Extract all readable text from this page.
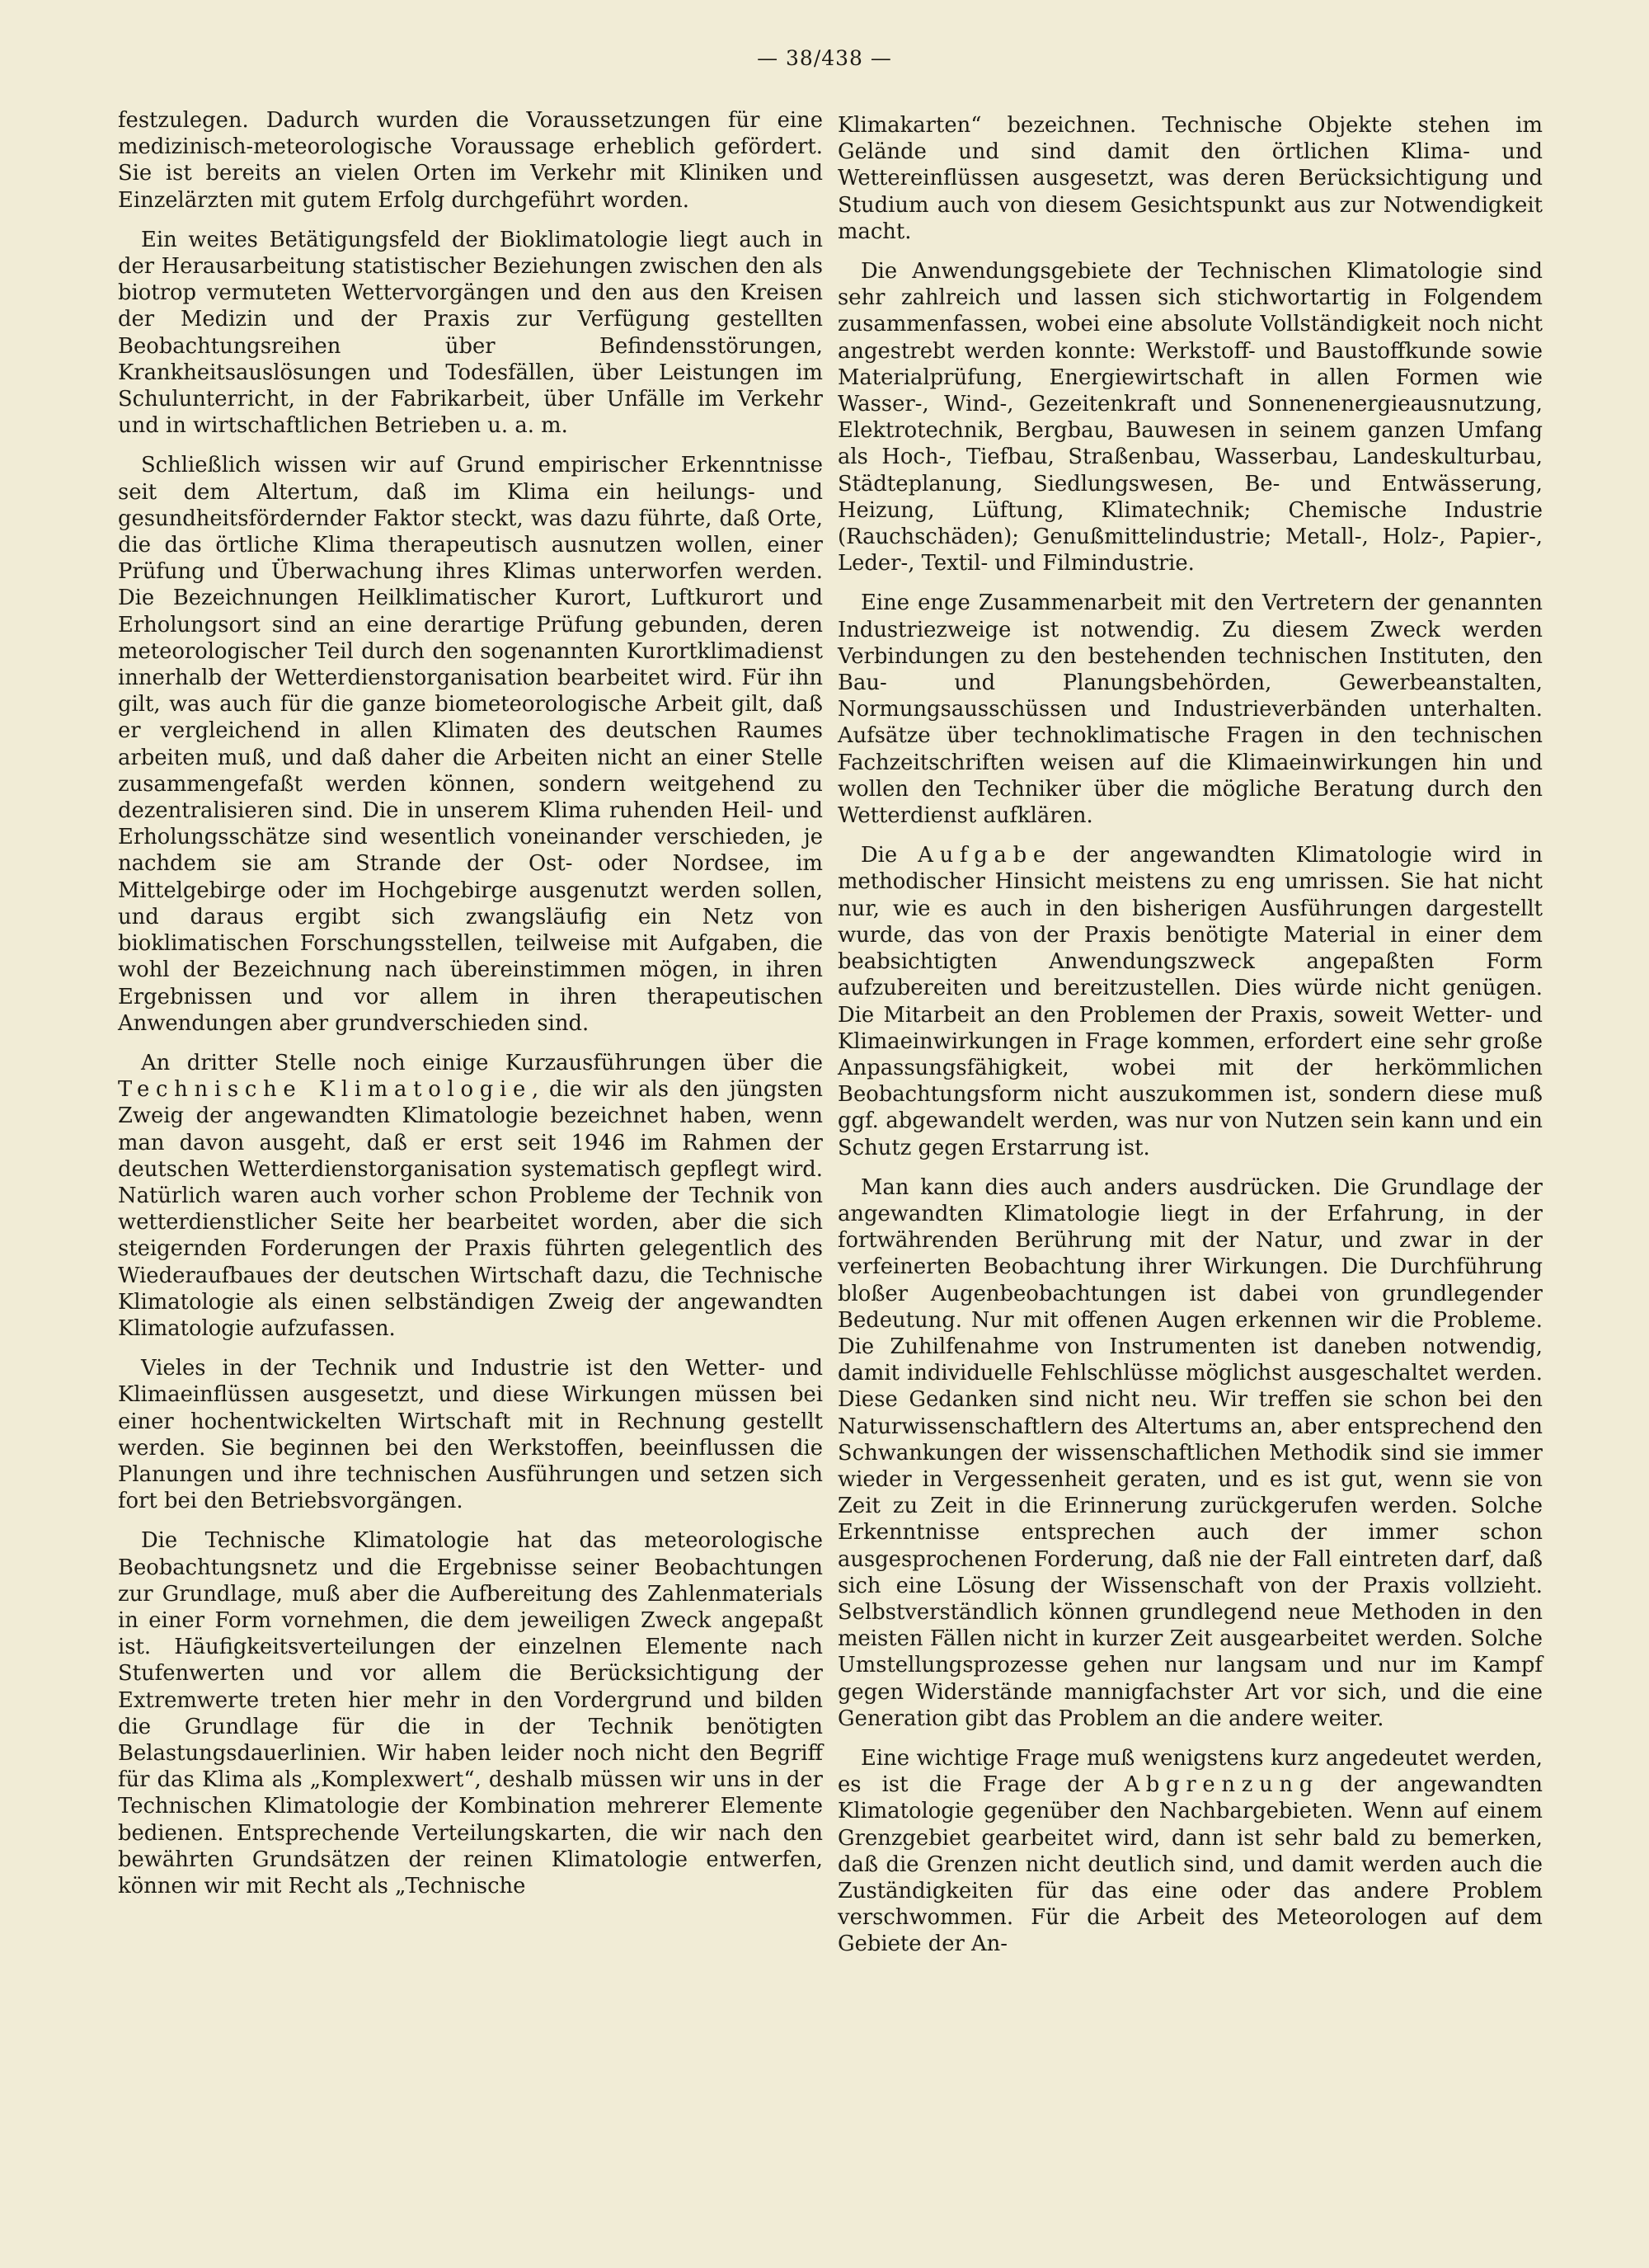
— 38/438 —

festzulegen. Dadurch wurden die Voraussetzungen für eine medizinisch-meteorologische Voraussage erheblich gefördert. Sie ist bereits an vielen Orten im Verkehr mit Kliniken und Einzelärzten mit gutem Erfolg durchgeführt worden.

Ein weites Betätigungsfeld der Bioklimatologie liegt auch in der Herausarbeitung statistischer Beziehungen zwischen den als biotrop vermuteten Wettervorgängen und den aus den Kreisen der Medizin und der Praxis zur Verfügung gestellten Beobachtungsreihen über Befindensstörungen, Krankheitsauslösungen und Todesfällen, über Leistungen im Schulunterricht, in der Fabrikarbeit, über Unfälle im Verkehr und in wirtschaftlichen Betrieben u. a. m.

Schließlich wissen wir auf Grund empirischer Erkenntnisse seit dem Altertum, daß im Klima ein heilungs- und gesundheitsfördernder Faktor steckt, was dazu führte, daß Orte, die das örtliche Klima therapeutisch ausnutzen wollen, einer Prüfung und Überwachung ihres Klimas unterworfen werden. Die Bezeichnungen Heilklimatischer Kurort, Luftkurort und Erholungsort sind an eine derartige Prüfung gebunden, deren meteorologischer Teil durch den sogenannten Kurortklimadienst innerhalb der Wetterdienstorganisation bearbeitet wird. Für ihn gilt, was auch für die ganze biometeorologische Arbeit gilt, daß er vergleichend in allen Klimaten des deutschen Raumes arbeiten muß, und daß daher die Arbeiten nicht an einer Stelle zusammengefaßt werden können, sondern weitgehend zu dezentralisieren sind. Die in unserem Klima ruhenden Heil- und Erholungsschätze sind wesentlich voneinander verschieden, je nachdem sie am Strande der Ost- oder Nordsee, im Mittelgebirge oder im Hochgebirge ausgenutzt werden sollen, und daraus ergibt sich zwangsläufig ein Netz von bioklimatischen Forschungsstellen, teilweise mit Aufgaben, die wohl der Bezeichnung nach übereinstimmen mögen, in ihren Ergebnissen und vor allem in ihren therapeutischen Anwendungen aber grundverschieden sind.

An dritter Stelle noch einige Kurzausführungen über die Technische Klimatologie, die wir als den jüngsten Zweig der angewandten Klimatologie bezeichnet haben, wenn man davon ausgeht, daß er erst seit 1946 im Rahmen der deutschen Wetterdienstorganisation systematisch gepflegt wird. Natürlich waren auch vorher schon Probleme der Technik von wetterdienstlicher Seite her bearbeitet worden, aber die sich steigernden Forderungen der Praxis führten gelegentlich des Wiederaufbaues der deutschen Wirtschaft dazu, die Technische Klimatologie als einen selbständigen Zweig der angewandten Klimatologie aufzufassen.

Vieles in der Technik und Industrie ist den Wetter- und Klimaeinflüssen ausgesetzt, und diese Wirkungen müssen bei einer hochentwickelten Wirtschaft mit in Rechnung gestellt werden. Sie beginnen bei den Werkstoffen, beeinflussen die Planungen und ihre technischen Ausführungen und setzen sich fort bei den Betriebsvorgängen.

Die Technische Klimatologie hat das meteorologische Beobachtungsnetz und die Ergebnisse seiner Beobachtungen zur Grundlage, muß aber die Aufbereitung des Zahlenmaterials in einer Form vornehmen, die dem jeweiligen Zweck angepaßt ist. Häufigkeitsverteilungen der einzelnen Elemente nach Stufenwerten und vor allem die Berücksichtigung der Extremwerte treten hier mehr in den Vordergrund und bilden die Grundlage für die in der Technik benötigten Belastungsdauerlinien. Wir haben leider noch nicht den Begriff für das Klima als „Komplexwert“, deshalb müssen wir uns in der Technischen Klimatologie der Kombination mehrerer Elemente bedienen. Entsprechende Verteilungskarten, die wir nach den bewährten Grundsätzen der reinen Klimatologie entwerfen, können wir mit Recht als „Technische

Klimakarten“ bezeichnen. Technische Objekte stehen im Gelände und sind damit den örtlichen Klima- und Wettereinflüssen ausgesetzt, was deren Berücksichtigung und Studium auch von diesem Gesichtspunkt aus zur Notwendigkeit macht.

Die Anwendungsgebiete der Technischen Klimatologie sind sehr zahlreich und lassen sich stichwortartig in Folgendem zusammenfassen, wobei eine absolute Vollständigkeit noch nicht angestrebt werden konnte: Werkstoff- und Baustoffkunde sowie Materialprüfung, Energiewirtschaft in allen Formen wie Wasser-, Wind-, Gezeitenkraft und Sonnenenergieausnutzung, Elektrotechnik, Bergbau, Bauwesen in seinem ganzen Umfang als Hoch-, Tiefbau, Straßenbau, Wasserbau, Landeskulturbau, Städteplanung, Siedlungswesen, Be- und Entwässerung, Heizung, Lüftung, Klimatechnik; Chemische Industrie (Rauchschäden); Genußmittelindustrie; Metall-, Holz-, Papier-, Leder-, Textil- und Filmindustrie.

Eine enge Zusammenarbeit mit den Vertretern der genannten Industriezweige ist notwendig. Zu diesem Zweck werden Verbindungen zu den bestehenden technischen Instituten, den Bau- und Planungsbehörden, Gewerbeanstalten, Normungsausschüssen und Industrieverbänden unterhalten. Aufsätze über technoklimatische Fragen in den technischen Fachzeitschriften weisen auf die Klimaeinwirkungen hin und wollen den Techniker über die mögliche Beratung durch den Wetterdienst aufklären.

Die Aufgabe der angewandten Klimatologie wird in methodischer Hinsicht meistens zu eng umrissen. Sie hat nicht nur, wie es auch in den bisherigen Ausführungen dargestellt wurde, das von der Praxis benötigte Material in einer dem beabsichtigten Anwendungszweck angepaßten Form aufzubereiten und bereitzustellen. Dies würde nicht genügen. Die Mitarbeit an den Problemen der Praxis, soweit Wetter- und Klimaeinwirkungen in Frage kommen, erfordert eine sehr große Anpassungsfähigkeit, wobei mit der herkömmlichen Beobachtungsform nicht auszukommen ist, sondern diese muß ggf. abgewandelt werden, was nur von Nutzen sein kann und ein Schutz gegen Erstarrung ist.

Man kann dies auch anders ausdrücken. Die Grundlage der angewandten Klimatologie liegt in der Erfahrung, in der fortwährenden Berührung mit der Natur, und zwar in der verfeinerten Beobachtung ihrer Wirkungen. Die Durchführung bloßer Augenbeobachtungen ist dabei von grundlegender Bedeutung. Nur mit offenen Augen erkennen wir die Probleme. Die Zuhilfenahme von Instrumenten ist daneben notwendig, damit individuelle Fehlschlüsse möglichst ausgeschaltet werden. Diese Gedanken sind nicht neu. Wir treffen sie schon bei den Naturwissenschaftlern des Altertums an, aber entsprechend den Schwankungen der wissenschaftlichen Methodik sind sie immer wieder in Vergessenheit geraten, und es ist gut, wenn sie von Zeit zu Zeit in die Erinnerung zurückgerufen werden. Solche Erkenntnisse entsprechen auch der immer schon ausgesprochenen Forderung, daß nie der Fall eintreten darf, daß sich eine Lösung der Wissenschaft von der Praxis vollzieht. Selbstverständlich können grundlegend neue Methoden in den meisten Fällen nicht in kurzer Zeit ausgearbeitet werden. Solche Umstellungsprozesse gehen nur langsam und nur im Kampf gegen Widerstände mannigfachster Art vor sich, und die eine Generation gibt das Problem an die andere weiter.

Eine wichtige Frage muß wenigstens kurz angedeutet werden, es ist die Frage der Abgrenzung der angewandten Klimatologie gegenüber den Nachbargebieten. Wenn auf einem Grenzgebiet gearbeitet wird, dann ist sehr bald zu bemerken, daß die Grenzen nicht deutlich sind, und damit werden auch die Zuständigkeiten für das eine oder das andere Problem verschwommen. Für die Arbeit des Meteorologen auf dem Gebiete der An-
